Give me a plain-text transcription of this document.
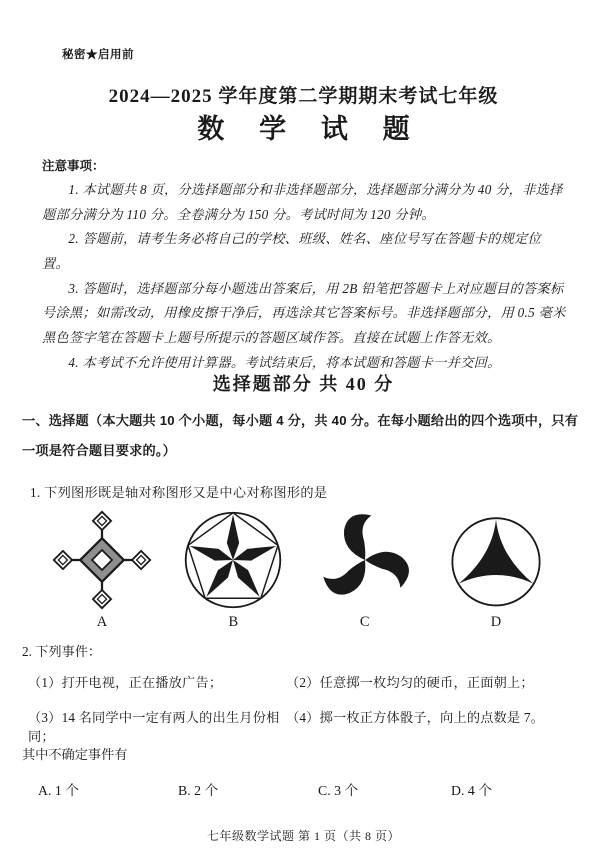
秘密★启用前
2024—2025 学年度第二学期期末考试七年级
数 学 试 题
注意事项：

1. 本试题共 8 页，分选择题部分和非选择题部分，选择题部分满分为 40 分，非选择题部分满分为 110 分。全卷满分为 150 分。考试时间为 120 分钟。

2. 答题前，请考生务必将自己的学校、班级、姓名、座位号写在答题卡的规定位置。

3. 答题时，选择题部分每小题选出答案后，用 2B 铅笔把答题卡上对应题目的答案标号涂黑；如需改动，用橡皮擦干净后，再选涂其它答案标号。非选择题部分，用 0.5 毫米黑色签字笔在答题卡上题号所提示的答题区域作答。直接在试题上作答无效。

4. 本考试不允许使用计算器。考试结束后，将本试题和答题卡一并交回。

选择题部分 共 40 分
一、选择题（本大题共 10 个小题，每小题 4 分，共 40 分。在每小题给出的四个选项中，只有一项是符合题目要求的。）
1. 下列图形既是轴对称图形又是中心对称图形的是
A	B	C	D
2. 下列事件：
（1）打开电视，正在播放广告；	（2）任意掷一枚均匀的硬币，正面朝上；
（3）14 名同学中一定有两人的出生月份相同；
（4）掷一枚正方体骰子，向上的点数是 7。
其中不确定事件有
A. 1 个	B. 2 个	C. 3 个	D. 4 个
七年级数学试题 第 1 页（共 8 页）
